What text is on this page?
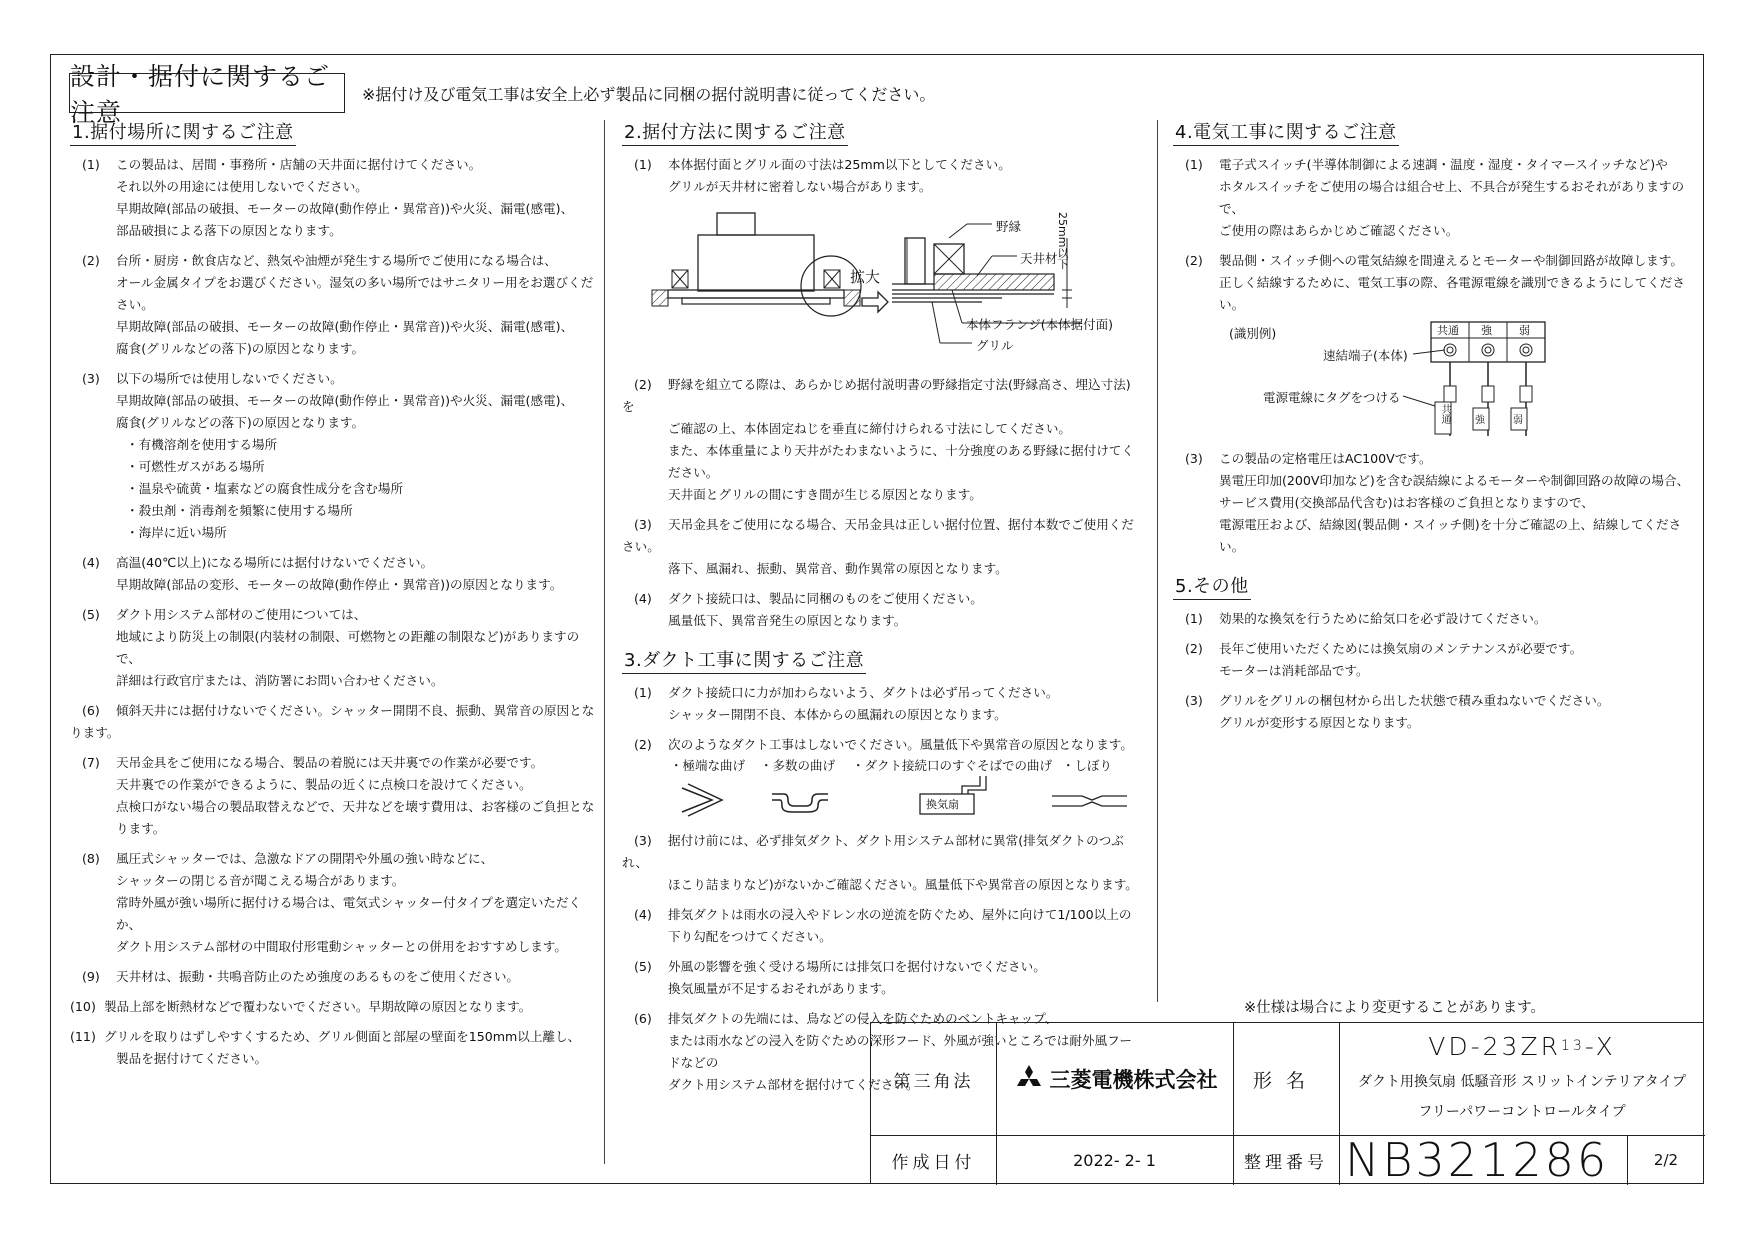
設計・据付に関するご注意
※据付け及び電気工事は安全上必ず製品に同梱の据付説明書に従ってください。
1.据付場所に関するご注意
(1) この製品は、居間・事務所・店舗の天井面に据付けてください。
それ以外の用途には使用しないでください。
早期故障(部品の破損、モーターの故障(動作停止・異常音))や火災、漏電(感電)、
部品破損による落下の原因となります。
(2) 台所・厨房・飲食店など、熱気や油煙が発生する場所でご使用になる場合は、
オール金属タイプをお選びください。湿気の多い場所ではサニタリー用をお選びください。
早期故障(部品の破損、モーターの故障(動作停止・異常音))や火災、漏電(感電)、
腐食(グリルなどの落下)の原因となります。
(3) 以下の場所では使用しないでください。
早期故障(部品の破損、モーターの故障(動作停止・異常音))や火災、漏電(感電)、
腐食(グリルなどの落下)の原因となります。
・有機溶剤を使用する場所
・可燃性ガスがある場所
・温泉や硫黄・塩素などの腐食性成分を含む場所
・殺虫剤・消毒剤を頻繁に使用する場所
・海岸に近い場所
(4) 高温(40℃以上)になる場所には据付けないでください。
早期故障(部品の変形、モーターの故障(動作停止・異常音))の原因となります。
(5) ダクト用システム部材のご使用については、
地域により防災上の制限(内装材の制限、可燃物との距離の制限など)がありますので、
詳細は行政官庁または、消防署にお問い合わせください。
(6) 傾斜天井には据付けないでください。シャッター開閉不良、振動、異常音の原因となります。
(7) 天吊金具をご使用になる場合、製品の着脱には天井裏での作業が必要です。
天井裏での作業ができるように、製品の近くに点検口を設けてください。
点検口がない場合の製品取替えなどで、天井などを壊す費用は、お客様のご負担となります。
(8) 風圧式シャッターでは、急激なドアの開閉や外風の強い時などに、
シャッターの閉じる音が聞こえる場合があります。
常時外風が強い場所に据付ける場合は、電気式シャッター付タイプを選定いただくか、
ダクト用システム部材の中間取付形電動シャッターとの併用をおすすめします。
(9) 天井材は、振動・共鳴音防止のため強度のあるものをご使用ください。
(10) 製品上部を断熱材などで覆わないでください。早期故障の原因となります。
(11) グリルを取りはずしやすくするため、グリル側面と部屋の壁面を150mm以上離し、
製品を据付けてください。
2.据付方法に関するご注意
(1) 本体据付面とグリル面の寸法は25mm以下としてください。
グリルが天井材に密着しない場合があります。
拡大
野縁
天井材
25mm以下
本体フランジ(本体据付面)
グリル
(2) 野縁を組立てる際は、あらかじめ据付説明書の野縁指定寸法(野縁高さ、埋込寸法)を
ご確認の上、本体固定ねじを垂直に締付けられる寸法にしてください。
また、本体重量により天井がたわまないように、十分強度のある野縁に据付けてください。
天井面とグリルの間にすき間が生じる原因となります。
(3) 天吊金具をご使用になる場合、天吊金具は正しい据付位置、据付本数でご使用ください。
落下、風漏れ、振動、異常音、動作異常の原因となります。
(4) ダクト接続口は、製品に同梱のものをご使用ください。
風量低下、異常音発生の原因となります。
3.ダクト工事に関するご注意
(1) ダクト接続口に力が加わらないよう、ダクトは必ず吊ってください。
シャッター開閉不良、本体からの風漏れの原因となります。
(2) 次のようなダクト工事はしないでください。風量低下や異常音の原因となります。
・極端な曲げ ・多数の曲げ ・ダクト接続口のすぐそばでの曲げ ・しぼり
換気扇
(3) 据付け前には、必ず排気ダクト、ダクト用システム部材に異常(排気ダクトのつぶれ、
ほこり詰まりなど)がないかご確認ください。風量低下や異常音の原因となります。
(4) 排気ダクトは雨水の浸入やドレン水の逆流を防ぐため、屋外に向けて1/100以上の
下り勾配をつけてください。
(5) 外風の影響を強く受ける場所には排気口を据付けないでください。
換気風量が不足するおそれがあります。
(6) 排気ダクトの先端には、鳥などの侵入を防ぐためのベントキャップ、
または雨水などの浸入を防ぐための深形フード、外風が強いところでは耐外風フードなどの
ダクト用システム部材を据付けてください。
4.電気工事に関するご注意
(1) 電子式スイッチ(半導体制御による速調・温度・湿度・タイマースイッチなど)や
ホタルスイッチをご使用の場合は組合せ上、不具合が発生するおそれがありますので、
ご使用の際はあらかじめご確認ください。
(2) 製品側・スイッチ側への電気結線を間違えるとモーターや制御回路が故障します。
正しく結線するために、電気工事の際、各電源電線を識別できるようにしてください。
(識別例)
速結端子(本体)
電源電線にタグをつける
共通 強 弱
共通	強	弱
(3) この製品の定格電圧はAC100Vです。
異電圧印加(200V印加など)を含む誤結線によるモーターや制御回路の故障の場合、
サービス費用(交換部品代含む)はお客様のご負担となりますので、
電源電圧および、結線図(製品側・スイッチ側)を十分ご確認の上、結線してください。
5.その他
(1) 効果的な換気を行うために給気口を必ず設けてください。
(2) 長年ご使用いただくためには換気扇のメンテナンスが必要です。
モーターは消耗部品です。
(3) グリルをグリルの梱包材から出した状態で積み重ねないでください。
グリルが変形する原因となります。
※仕様は場合により変更することがあります。
第三角法	三菱電機株式会社	形名
VD-23ZR 13 -X
ダクト用換気扇 低騒音形 スリットインテリアタイプ
フリーパワーコントロールタイプ
作成日付	2022- 2- 1	整理番号 NB321286	2/2
